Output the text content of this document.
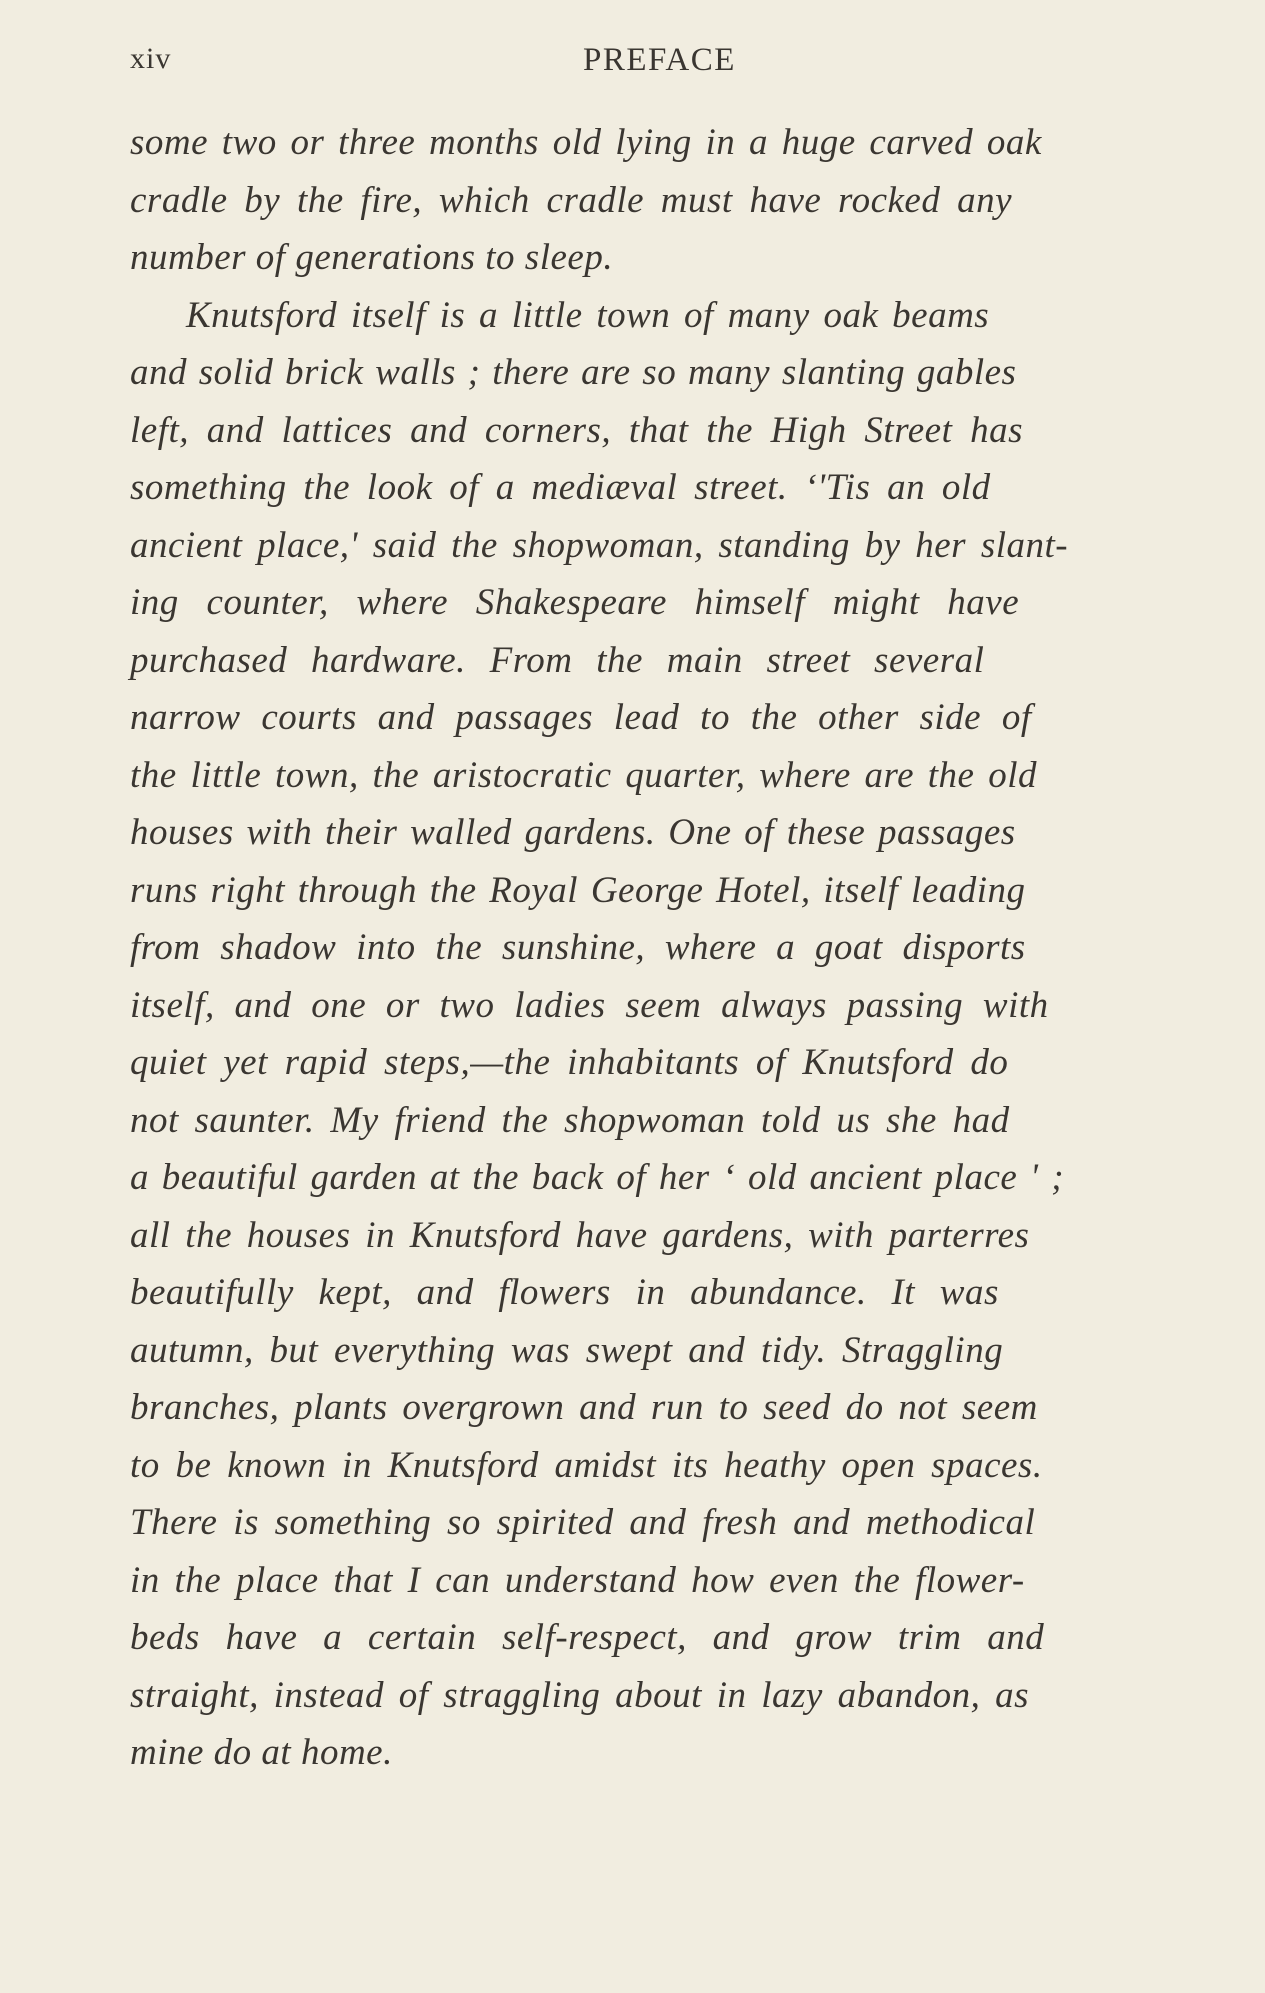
xiv	PREFACE
some two or three months old lying in a huge carved oak
cradle by the fire, which cradle must have rocked any
number of generations to sleep.
Knutsford itself is a little town of many oak beams
and solid brick walls ; there are so many slanting gables
left, and lattices and corners, that the High Street has
something the look of a mediæval street. ‘'Tis an old
ancient place,' said the shopwoman, standing by her slant-
ing counter, where Shakespeare himself might have
purchased hardware. From the main street several
narrow courts and passages lead to the other side of
the little town, the aristocratic quarter, where are the old
houses with their walled gardens. One of these passages
runs right through the Royal George Hotel, itself leading
from shadow into the sunshine, where a goat disports
itself, and one or two ladies seem always passing with
quiet yet rapid steps,—the inhabitants of Knutsford do
not saunter. My friend the shopwoman told us she had
a beautiful garden at the back of her ‘ old ancient place ' ;
all the houses in Knutsford have gardens, with parterres
beautifully kept, and flowers in abundance. It was
autumn, but everything was swept and tidy. Straggling
branches, plants overgrown and run to seed do not seem
to be known in Knutsford amidst its heathy open spaces.
There is something so spirited and fresh and methodical
in the place that I can understand how even the flower-
beds have a certain self-respect, and grow trim and
straight, instead of straggling about in lazy abandon, as
mine do at home.
